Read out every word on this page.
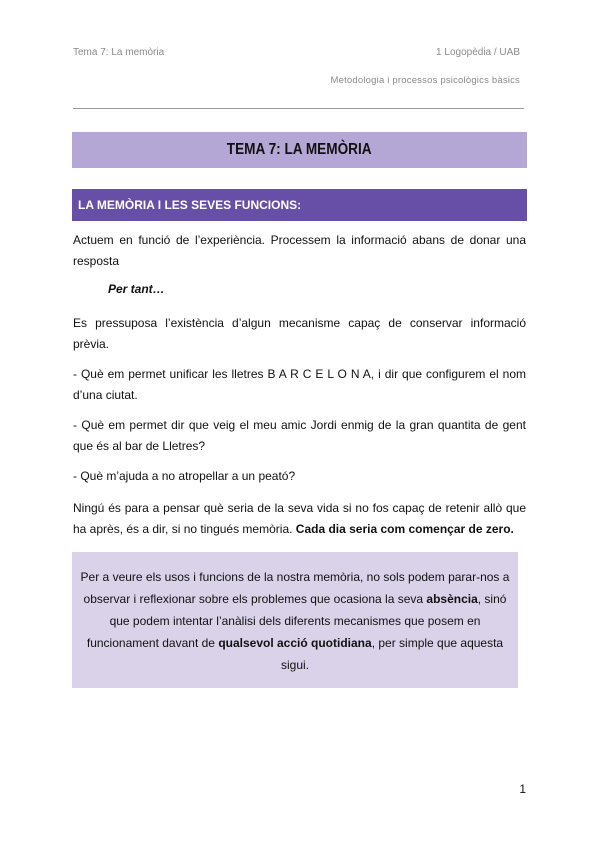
Tema 7: La memòria	1 Logopèdia / UAB
Metodologia i processos psicològics bàsics
TEMA 7: LA MEMÒRIA
LA MEMÒRIA I LES SEVES FUNCIONS:
Actuem en funció de l’experiència. Processem la informació abans de donar una resposta
Per tant…
Es pressuposa l’existència d’algun mecanisme capaç de conservar informació prèvia.
- Què em permet unificar les lletres B A R C E L O N A, i dir que configurem el nom d’una ciutat.
- Què em permet dir que veig el meu amic Jordi enmig de la gran quantita de gent que és al bar de Lletres?
- Què m’ajuda a no atropellar a un peató?
Ningú és para a pensar què seria de la seva vida si no fos capaç de retenir allò que ha après, és a dir, si no tingués memòria. Cada dia seria com començar de zero.

Per a veure els usos i funcions de la nostra memòria, no sols podem parar-nos a observar i reflexionar sobre els problemes que ocasiona la seva absència, sinó que podem intentar l’anàlisi dels diferents mecanismes que posem en funcionament davant de qualsevol acció quotidiana, per simple que aquesta sigui.

1
